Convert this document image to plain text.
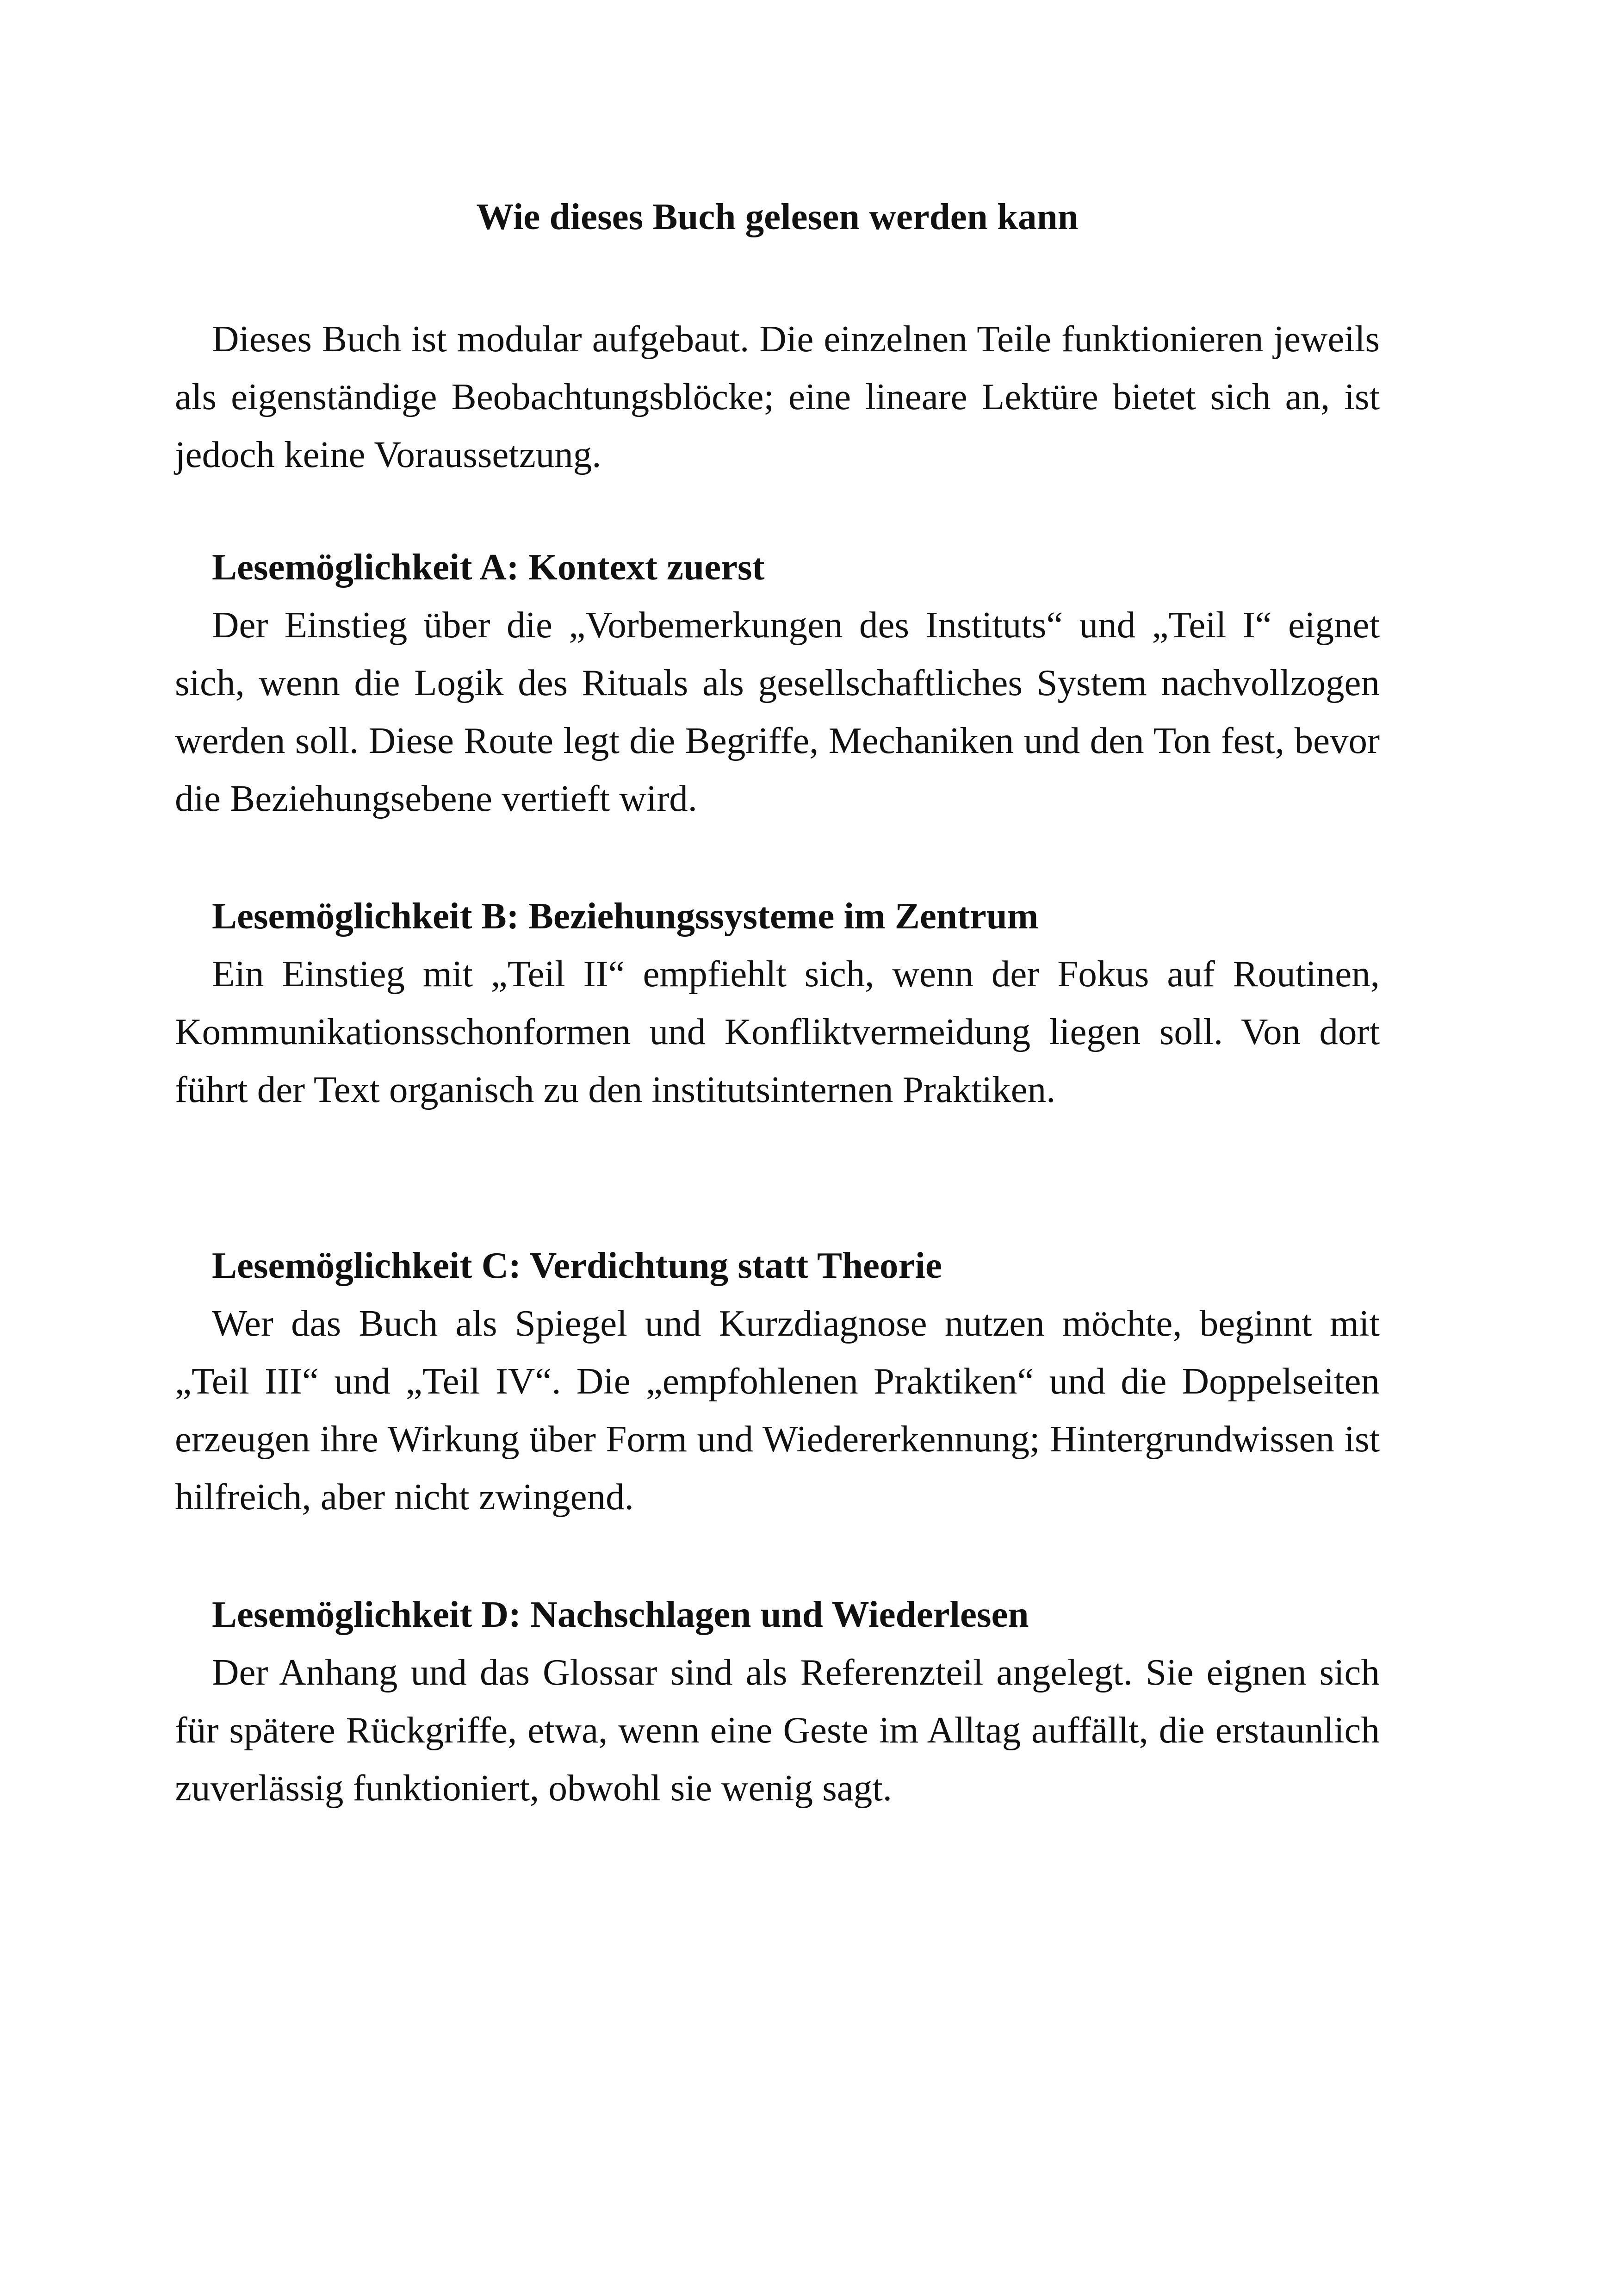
Wie dieses Buch gelesen werden kann

Dieses Buch ist modular aufgebaut. Die einzelnen Teile funktionieren jeweils als eigenständige Beobachtungsblöcke; eine lineare Lektüre bietet sich an, ist jedoch keine Voraussetzung.

Lesemöglichkeit A: Kontext zuerst

Der Einstieg über die „Vorbemerkungen des Instituts“ und „Teil I“ eignet sich, wenn die Logik des Rituals als gesellschaftliches System nachvollzogen werden soll. Diese Route legt die Begriffe, Mechaniken und den Ton fest, bevor die Beziehungsebene vertieft wird.

Lesemöglichkeit B: Beziehungssysteme im Zentrum

Ein Einstieg mit „Teil II“ empfiehlt sich, wenn der Fokus auf Routinen, Kommunikationsschonformen und Konfliktvermeidung liegen soll. Von dort führt der Text organisch zu den institutsinternen Praktiken.

Lesemöglichkeit C: Verdichtung statt Theorie

Wer das Buch als Spiegel und Kurzdiagnose nutzen möchte, beginnt mit „Teil III“ und „Teil IV“. Die „empfohlenen Praktiken“ und die Doppelseiten erzeugen ihre Wirkung über Form und Wiedererkennung; Hintergrundwissen ist hilfreich, aber nicht zwingend.

Lesemöglichkeit D: Nachschlagen und Wiederlesen

Der Anhang und das Glossar sind als Referenzteil angelegt. Sie eignen sich für spätere Rückgriffe, etwa, wenn eine Geste im Alltag auffällt, die erstaunlich zuverlässig funktioniert, obwohl sie wenig sagt.
